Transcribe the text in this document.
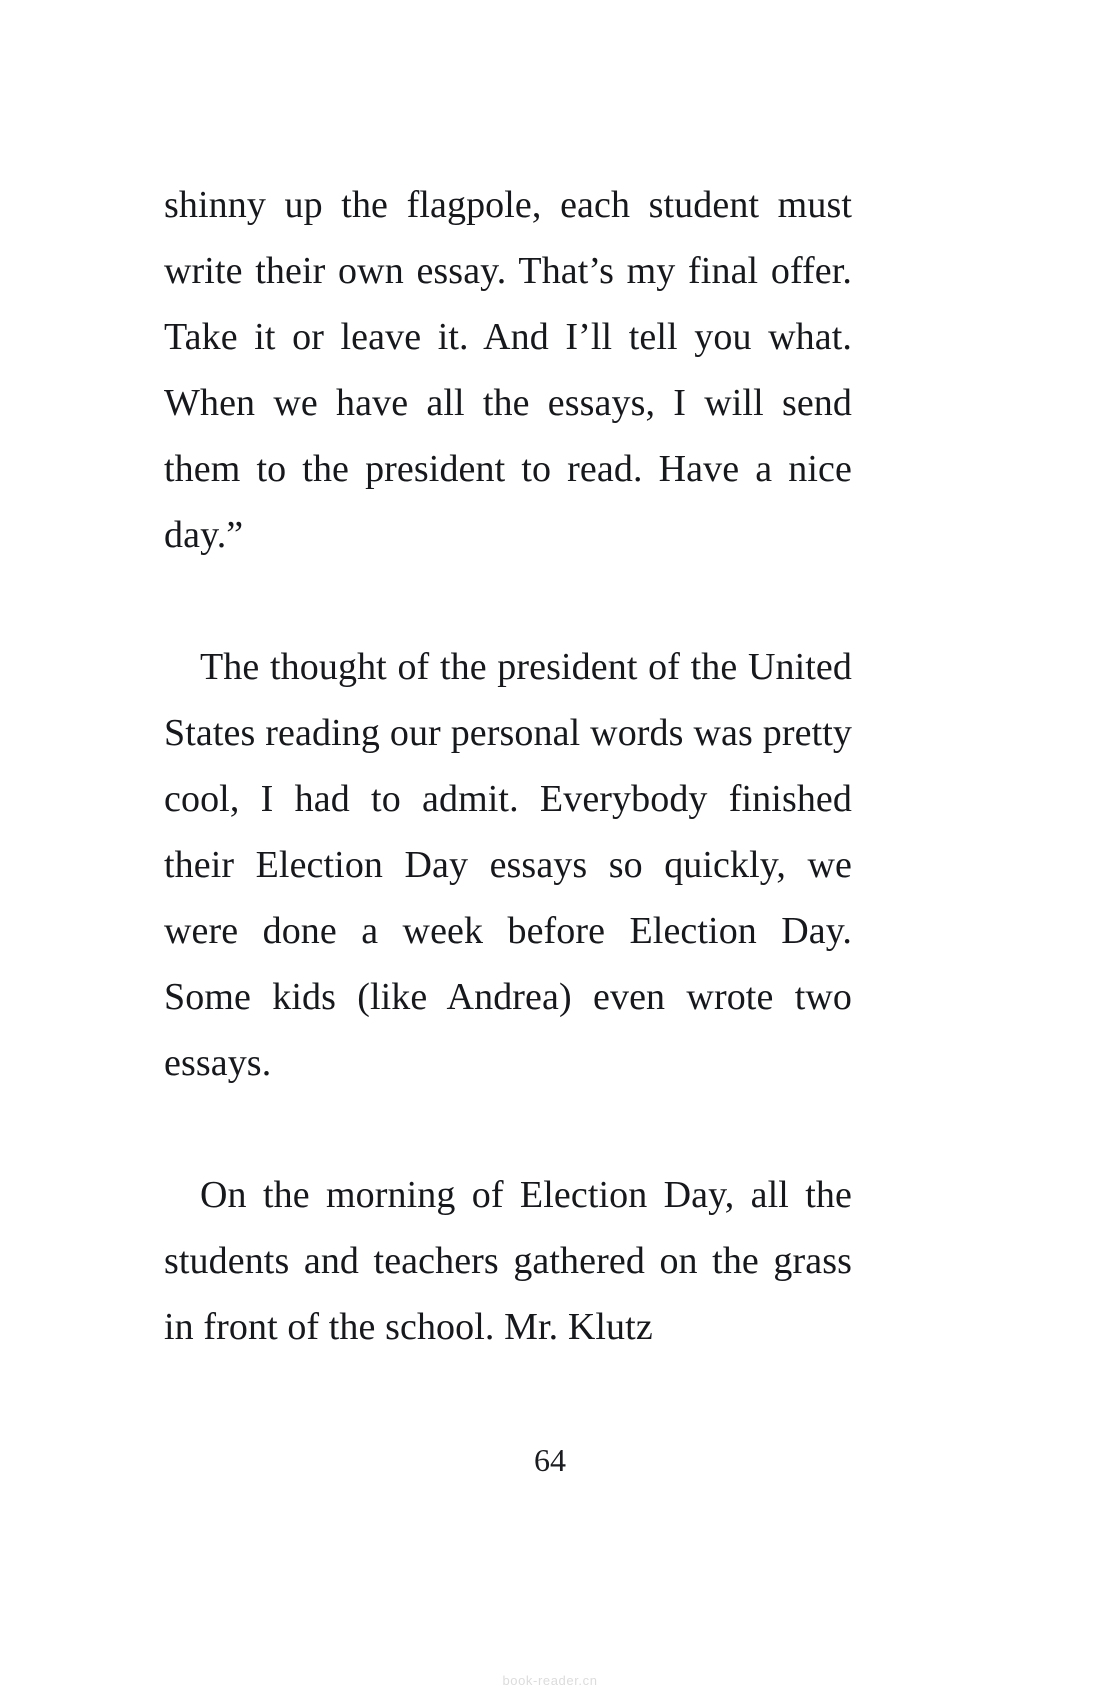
shinny up the flagpole, each student must write their own essay. That’s my final offer. Take it or leave it. And I’ll tell you what. When we have all the essays, I will send them to the president to read. Have a nice day.”

The thought of the president of the United States reading our personal words was pretty cool, I had to admit. Everybody finished their Election Day essays so quickly, we were done a week before Election Day. Some kids (like Andrea) even wrote two essays.

On the morning of Election Day, all the students and teachers gathered on the grass in front of the school. Mr. Klutz

64
book-reader.cn
